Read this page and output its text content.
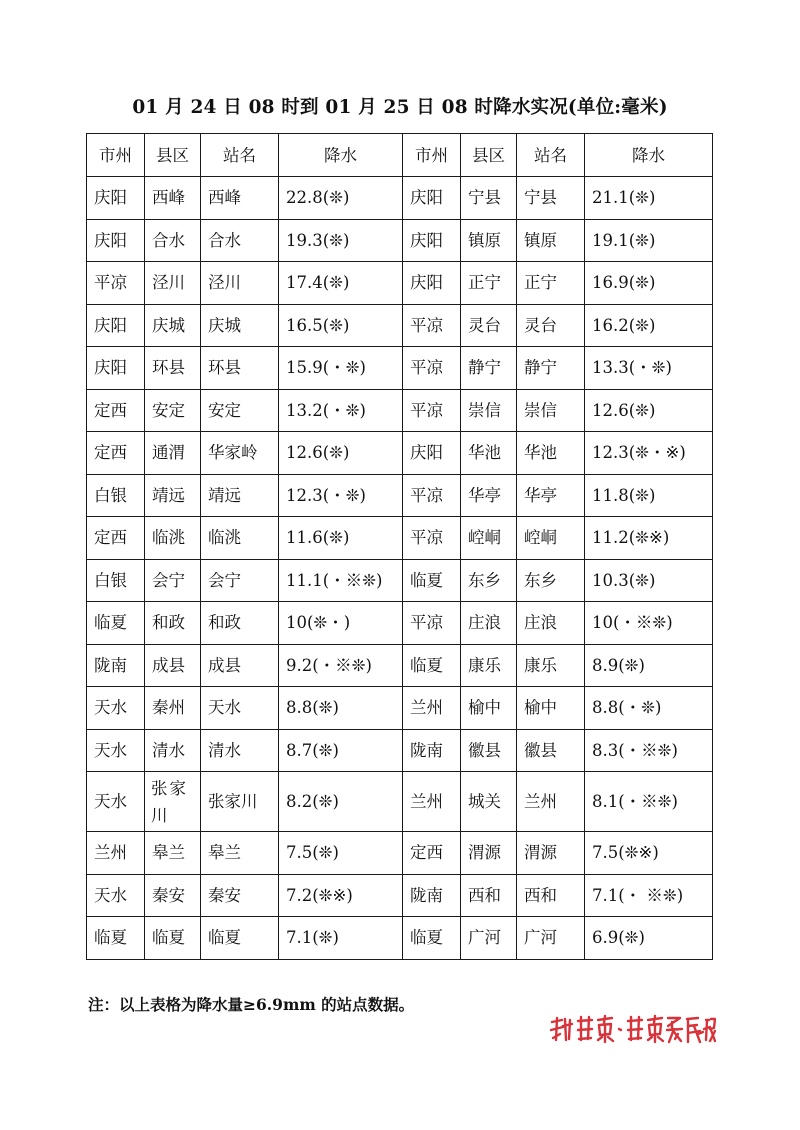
01 月 24 日 08 时到 01 月 25 日 08 时降水实况(单位:毫米)
市州	县区	站名	降水	市州	县区	站名	降水
庆阳	西峰	西峰	22.8(❊)	庆阳	宁县	宁县	21.1(❊)
庆阳	合水	合水	19.3(❊)	庆阳	镇原	镇原	19.1(❊)
平凉	泾川	泾川	17.4(❊)	庆阳	正宁	正宁	16.9(❊)
庆阳	庆城	庆城	16.5(❊)	平凉	灵台	灵台	16.2(❊)
庆阳	环县	环县	15.9(・❊)	平凉	静宁	静宁	13.3(・❊)
定西	安定	安定	13.2(・❊)	平凉	崇信	崇信	12.6(❊)
定西	通渭	华家岭	12.6(❊)	庆阳	华池	华池	12.3(❊・※)
白银	靖远	靖远	12.3(・❊)	平凉	华亭	华亭	11.8(❊)
定西	临洮	临洮	11.6(❊)	平凉	崆峒	崆峒	11.2(❊※)
白银	会宁	会宁	11.1(・※❊)	临夏	东乡	东乡	10.3(❊)
临夏	和政	和政	10(❊・)	平凉	庄浪	庄浪	10(・※❊)
陇南	成县	成县	9.2(・※❊)	临夏	康乐	康乐	8.9(❊)
天水	秦州	天水	8.8(❊)	兰州	榆中	榆中	8.8(・❊)
天水	清水	清水	8.7(❊)	陇南	徽县	徽县	8.3(・※❊)
天水	张家川	张家川	8.2(❊)	兰州	城关	兰州	8.1(・※❊)
兰州	皋兰	皋兰	7.5(❊)	定西	渭源	渭源	7.5(❊※)
天水	秦安	秦安	7.2(❊※)	陇南	西和	西和	7.1(・ ※❊)
临夏	临夏	临夏	7.1(❊)	临夏	广河	广河	6.9(❊)
注：以上表格为降水量≥6.9mm 的站点数据。
